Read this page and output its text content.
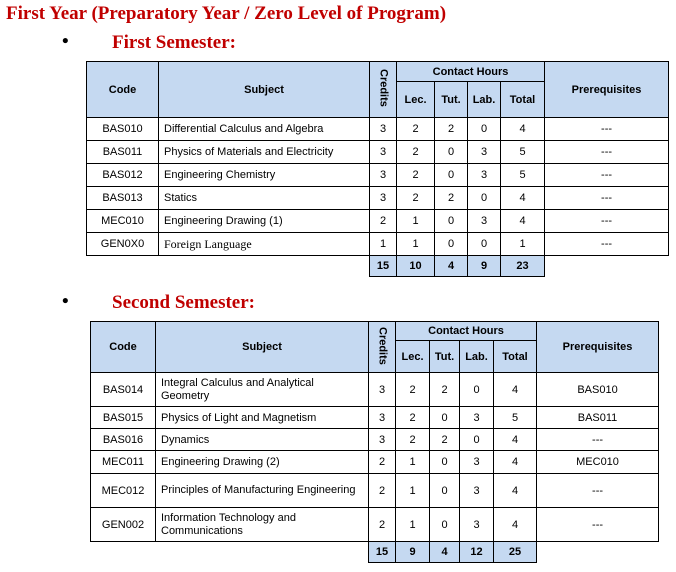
First Year (Preparatory Year / Zero Level of Program)
• First Semester:
Code	Subject	Credits	Contact Hours				Prerequisites
			Lec.	Tut.	Lab.	Total	
BAS010	Differential Calculus and Algebra	3	2	2	0	4	---
BAS011	Physics of Materials and Electricity	3	2	0	3	5	---
BAS012	Engineering Chemistry	3	2	0	3	5	---
BAS013	Statics	3	2	2	0	4	---
MEC010	Engineering Drawing (1)	2	1	0	3	4	---
GEN0X0	Foreign Language	1	1	0	0	1	---
		15	10	4	9	23	
• Second Semester:
Code	Subject	Credits	Contact Hours				Prerequisites
			Lec.	Tut.	Lab.	Total	
BAS014	Integral Calculus and Analytical Geometry	3	2	2	0	4	BAS010
BAS015	Physics of Light and Magnetism	3	2	0	3	5	BAS011
BAS016	Dynamics	3	2	2	0	4	---
MEC011	Engineering Drawing (2)	2	1	0	3	4	MEC010
MEC012	Principles of Manufacturing Engineering	2	1	0	3	4	---
GEN002	Information Technology and Communications	2	1	0	3	4	---
		15	9	4	12	25	
